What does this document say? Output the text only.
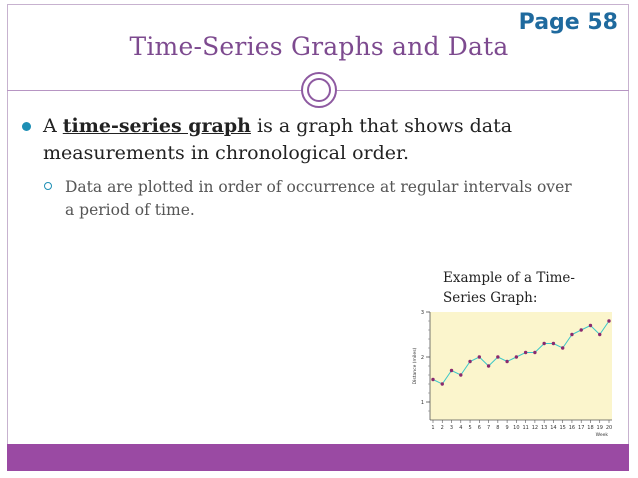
Page 58
Time-Series Graphs and Data
A time-series graph is a graph that shows data measurements in chronological order.
Data are plotted in order of occurrence at regular intervals over a period of time.
Example of a Time-Series Graph:
1
2
3
Distance (miles)
1 2 3 4 5 6 7 8 9 10 11 12 13 14 15 16 17 18 19 20
Week
